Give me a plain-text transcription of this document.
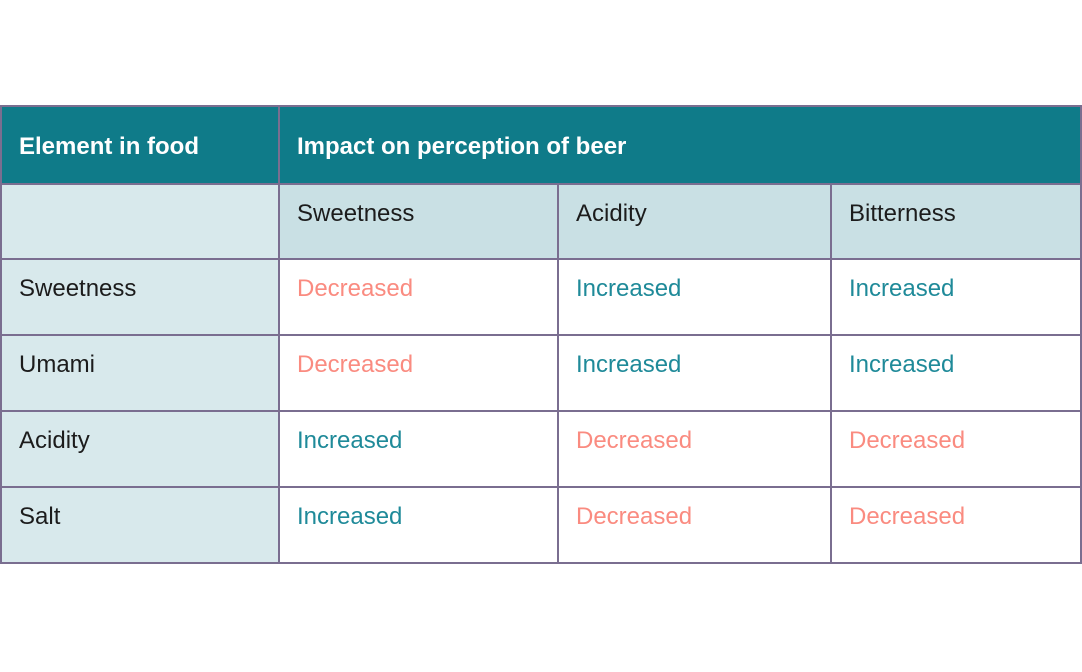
Element in food	Impact on perception of beer		
	Sweetness	Acidity	Bitterness
Sweetness	Decreased	Increased	Increased
Umami	Decreased	Increased	Increased
Acidity	Increased	Decreased	Decreased
Salt	Increased	Decreased	Decreased
